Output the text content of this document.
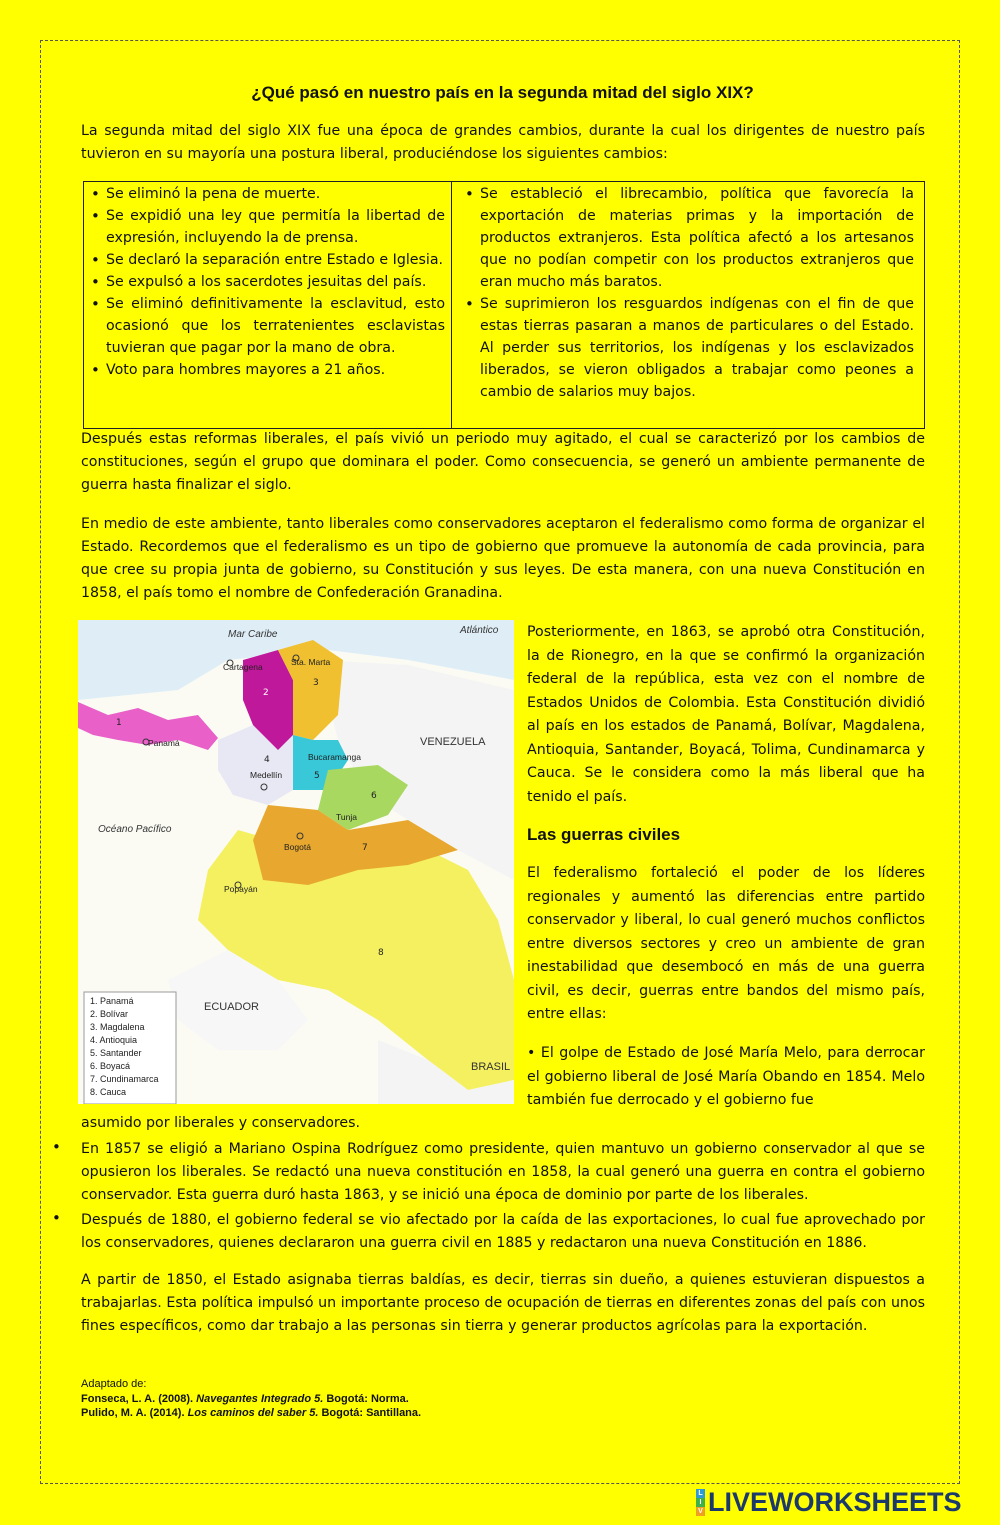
¿Qué pasó en nuestro país en la segunda mitad del siglo XIX?

La segunda mitad del siglo XIX fue una época de grandes cambios, durante la cual los dirigentes de nuestro país tuvieron en su mayoría una postura liberal, produciéndose los siguientes cambios:

• Se eliminó la pena de muerte.
• Se expidió una ley que permitía la libertad de expresión, incluyendo la de prensa.
• Se declaró la separación entre Estado e Iglesia.
• Se expulsó a los sacerdotes jesuitas del país.
• Se eliminó definitivamente la esclavitud, esto ocasionó que los terratenientes esclavistas tuvieran que pagar por la mano de obra.
• Voto para hombres mayores a 21 años.
• Se estableció el librecambio, política que favorecía la exportación de materias primas y la importación de productos extranjeros. Esta política afectó a los artesanos que no podían competir con los productos extranjeros que eran mucho más baratos.
• Se suprimieron los resguardos indígenas con el fin de que estas tierras pasaran a manos de particulares o del Estado. Al perder sus territorios, los indígenas y los esclavizados liberados, se vieron obligados a trabajar como peones a cambio de salarios muy bajos.

Después estas reformas liberales, el país vivió un periodo muy agitado, el cual se caracterizó por los cambios de constituciones, según el grupo que dominara el poder. Como consecuencia, se generó un ambiente permanente de guerra hasta finalizar el siglo.

En medio de este ambiente, tanto liberales como conservadores aceptaron el federalismo como forma de organizar el Estado. Recordemos que el federalismo es un tipo de gobierno que promueve la autonomía de cada provincia, para que cree su propia junta de gobierno, su Constitución y sus leyes. De esta manera, con una nueva Constitución en 1858, el país tomo el nombre de Confederación Granadina.

Mar Caribe	Atlántico
Cartagena	Sta. Marta
Panamá	VENEZUELA
Bucaramanga
Medellín
Tunja
Océano Pacífico
Bogotá
Popayán
ECUADOR
BRASIL
1
2
3
4
5
6
7
8
1. Panamá
2. Bolívar
3. Magdalena
4. Antioquia
5. Santander
6. Boyacá
7. Cundinamarca
8. Cauca

Posteriormente, en 1863, se aprobó otra Constitución, la de Rionegro, en la que se confirmó la organización federal de la república, esta vez con el nombre de Estados Unidos de Colombia. Esta Constitución dividió al país en los estados de Panamá, Bolívar, Magdalena, Antioquia, Santander, Boyacá, Tolima, Cundinamarca y Cauca. Se le considera como la más liberal que ha tenido el país.

Las guerras civiles

El federalismo fortaleció el poder de los líderes regionales y aumentó las diferencias entre partido conservador y liberal, lo cual generó muchos conflictos entre diversos sectores y creo un ambiente de gran inestabilidad que desembocó en más de una guerra civil, es decir, guerras entre bandos del mismo país, entre ellas:

• El golpe de Estado de José María Melo, para derrocar el gobierno liberal de José María Obando en 1854. Melo también fue derrocado y el gobierno fue

asumido por liberales y conservadores.

• En 1857 se eligió a Mariano Ospina Rodríguez como presidente, quien mantuvo un gobierno conservador al que se opusieron los liberales. Se redactó una nueva constitución en 1858, la cual generó una guerra en contra el gobierno conservador. Esta guerra duró hasta 1863, y se inició una época de dominio por parte de los liberales.

• Después de 1880, el gobierno federal se vio afectado por la caída de las exportaciones, lo cual fue aprovechado por los conservadores, quienes declararon una guerra civil en 1885 y redactaron una nueva Constitución en 1886.

A partir de 1850, el Estado asignaba tierras baldías, es decir, tierras sin dueño, a quienes estuvieran dispuestos a trabajarlas. Esta política impulsó un importante proceso de ocupación de tierras en diferentes zonas del país con unos fines específicos, como dar trabajo a las personas sin tierra y generar productos agrícolas para la exportación.

Adaptado de:
Fonseca, L. A. (2008). Navegantes Integrado 5. Bogotá: Norma.
Pulido, M. A. (2014). Los caminos del saber 5. Bogotá: Santillana.
L
I
V LIVEWORKSHEETS
